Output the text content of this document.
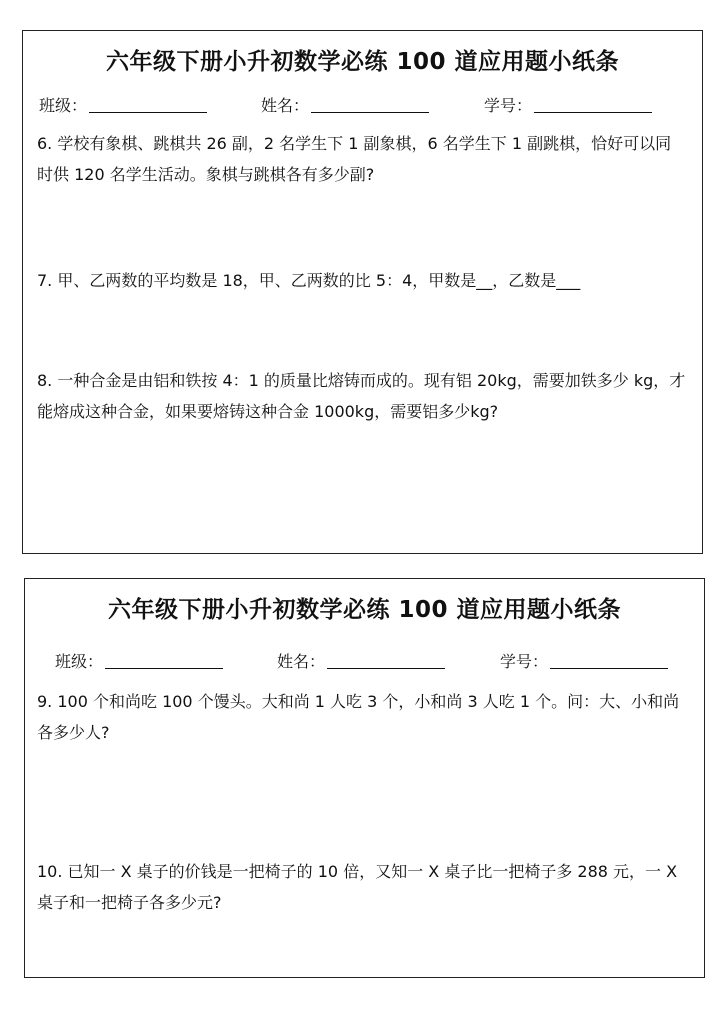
六年级下册小升初数学必练 100 道应用题小纸条
班级：	姓名：	学号：
6. 学校有象棋、跳棋共 26 副，2 名学生下 1 副象棋，6 名学生下 1 副跳棋，恰好可以同时供 120 名学生活动。象棋与跳棋各有多少副?
7. 甲、乙两数的平均数是 18，甲、乙两数的比 5：4，甲数是__，乙数是___
8. 一种合金是由铝和铁按 4：1 的质量比熔铸而成的。现有铝 20kg，需要加铁多少 kg，才能熔成这种合金，如果要熔铸这种合金 1000kg，需要铝多少kg?
六年级下册小升初数学必练 100 道应用题小纸条
班级：	姓名：	学号：
9. 100 个和尚吃 100 个馒头。大和尚 1 人吃 3 个，小和尚 3 人吃 1 个。问：大、小和尚各多少人?
10. 已知一 X 桌子的价钱是一把椅子的 10 倍，又知一 X 桌子比一把椅子多 288 元，一 X 桌子和一把椅子各多少元?
